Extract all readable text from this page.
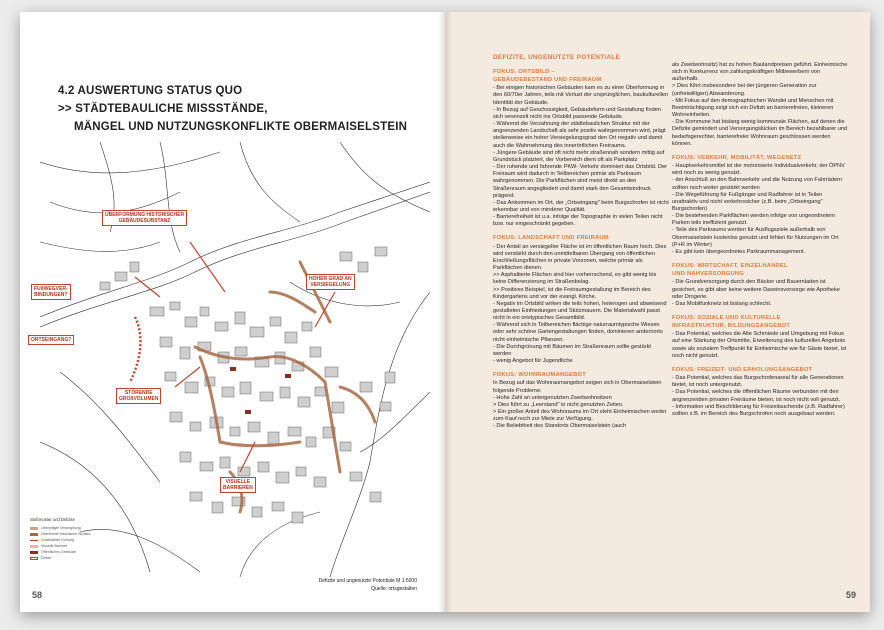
4.2 AUSWERTUNG STATUS QUO
>> STÄDTEBAULICHE MISSSTÄNDE,
MÄNGEL UND NUTZUNGSKONFLIKTE OBERMAISELSTEIN
ÜBERFORMUNG HISTORISCHER
GEBÄUDESUBSTANZ
FUßWEGVER-
BINDUNGEN?
HOHER GRAD AN
VERSIEGELUNG
ORTSEINGANG?
STÖRENDE
GROßVOLUMEN
VISUELLE
BARRIEREN
Stoßmuster und Defizite
Überprägte Versiegelung
Überformte historische Struktur
Unattraktive Fußweg
Visuelle Barriere
Öffentliches Gebäude
Defizit
Defizite und ungenutzte Potentiale M 1:5000
Quelle: ortsgestalten
58
DEFIZITE, UNGENUTZTE POTENTIALE
FOKUS: ORTSBILD –
GEBÄUDEBESTAND UND FREIRAUM

- Bei einigen historischen Gebäuden kam es zu einer Überformung in den 60/70er Jahren, teils mit Verlust der ursprünglichen, baukulturellen Identität der Gebäude.

- In Bezug auf Geschossigkeit, Gebäudeform und Gestaltung finden sich vereinzelt nicht ins Ortsbild passende Gebäude.

- Während die Verzahnung der städtebaulichen Struktur mit der angrenzenden Landschaft als sehr positiv wahrgenommen wird, prägt stellenweise ein hoher Versiegelungsgrad den Ort negativ und damit auch die Wahrnehmung des innerörtlichen Freiraums.

- Jüngere Gebäude sind oft nicht mehr straßennah sondern mittig auf Grundstück platziert, der Vorbereich dient oft als Parkplatz

- Der ruhende und fahrende PKW- Verkehr dominiert das Ortsbild. Der Freiraum wird dadurch in Teilbereichen primär als Parkraum wahrgenommen. Die Parkflächen sind meist direkt an den Straßenraum angegliedert und damit stark den Gesamteindruck prägend.

- Das Ankommen im Ort, der „Ortseingang" beim Burgschrofen ist nicht erkennbar und von minderer Qualität.

- Barrierefreiheit ist u.a. infolge der Topographie in vielen Teilen nicht bzw. nur eingeschränkt gegeben.

FOKUS: LANDSCHAFT UND FREIRAUM

- Der Anteil an versiegelter Fläche ist im öffentlichen Raum hoch. Dies wird verstärkt durch den unmittelbaren Übergang von öffentlichen Erschließungsflächen in private Vorzonen, welche primär als Parkflächen dienen.

>> Asphaltierte Flächen sind hier vorherrschend, es gibt wenig bis keine Differenzierung im Straßenbelag.

>> Positives Beispiel, ist die Freiraumgestaltung im Bereich des Kindergartens und vor der evangl. Kirche.

- Negativ im Ortsbild wirken die teils hohen, heterogen und abweisend gestalteten Einfriedungen und Stützmauern. Die Materialwahl passt nicht in ein ortstypisches Gesamtbild.

- Während sich in Teilbereichen flächige naturraumtypische Wiesen oder sehr schöne Gartengestaltungen finden, dominieren andernorts nicht einheimische Pflanzen.

- Die Durchgrünung mit Bäumen im Straßenraum sollte gestärkt werden

- wenig Angebot für Jugendliche

FOKUS: WOHNRAUMANGEBOT

In Bezug auf das Wohnraumangebot zeigen sich in Obermaiselstein folgende Probleme:

- Hohe Zahl an untergenutzten Zweitwohnsitzen

> Dies führt zu „Leerstand" in nicht genutzten Zeiten.

> Ein großer Anteil des Wohnraums im Ort steht Einheimischen weder zum Kauf noch zur Miete zur Verfügung.

- Die Beliebtheit des Standorts Obermaiselstein (auch

als Zweitwohnsitz) hat zu hohen Baulandpreisen geführt. Einheimische sich in Konkurrenz von zahlungskräftigen Mitbewerbern von außerhalb.

> Dies führt insbesondere bei der jüngeren Generation zur (unfreiwilligen) Abwanderung.

- Mit Fokus auf den demographischen Wandel und Menschen mit Beeinträchtigung zeigt sich ein Defizit an barrierefreien, kleineren Wohneinheiten.

- Die Kommune hat bislang wenig kommunale Flächen, auf denen die Defizite gemindert und Versorgungslücken im Bereich bezahlbarer und bedarfsgerechter, barrierefreier Wohnraum geschlossen werden können.

FOKUS: VERKEHR, MOBILITÄT, WEGENETZ

- Hauptverkehrsmittel ist der motorisierte Individualverkehr, der ÖPNV wird noch zu wenig genutzt.

- der Anschluß an den Bahnverkehr und die Nutzung von Fahrrädern sollten noch weiter gestärkt werden

- Die Wegeführung für Fußgänger und Radfahrer ist in Teilen unattraktiv und nicht verkehrssicher (z.B. beim „Ortseingang" Burgschrofen)

- Die bestehenden Parkflächen werden infolge von ungeordnetem Parken teils ineffizient genutzt.

- Teile des Parkraums werden für Ausflugsziele außerhalb von Obermaiselstein kostenlos genutzt und fehlen für Nutzungen im Ort (P+R im Winter)

- Es gibt kein übergeordnetes Parkraummanagement.

FOKUS: WIRTSCHAFT, EINZELHANDEL
UND NAHVERSORGUNG

- Die Grundversorgung durch den Bäcker und Bauernladen ist gesichert, es gibt aber keine weitere Daseinsvorsorge wie Apotheke oder Drogerie.

- Das Mobilfunknetz ist bislang schlecht.

FOKUS: SOZIALE UND KULTURELLE
INFRASTRUKTUR, BILDUNGSANGEBOT

- Das Potential, welches die Alte Schmiede und Umgebung mit Fokus auf eine Stärkung der Ortsmitte, Erweiterung des kulturellen Angebots sowie als sozialem Treffpunkt für Einheimische wie für Gäste bietet, ist noch nicht genutzt.

FOKUS: FREIZEIT- UND ERHOLUNGSANGEBOT

- Das Potential, welches das Burgschrofenareal für alle Generationen bietet, ist noch untergenutzt.

- Das Potential, welches die öffentlichen Räume verbunden mit den angrenzenden privaten Freiräume bieten, ist noch nicht voll genutzt.

- Information und Beschilderung für Freizeitsuchende (z.B. Radfahrer) sollten z.B. im Bereich des Burgschrofen noch ausgebaut werden.

59
